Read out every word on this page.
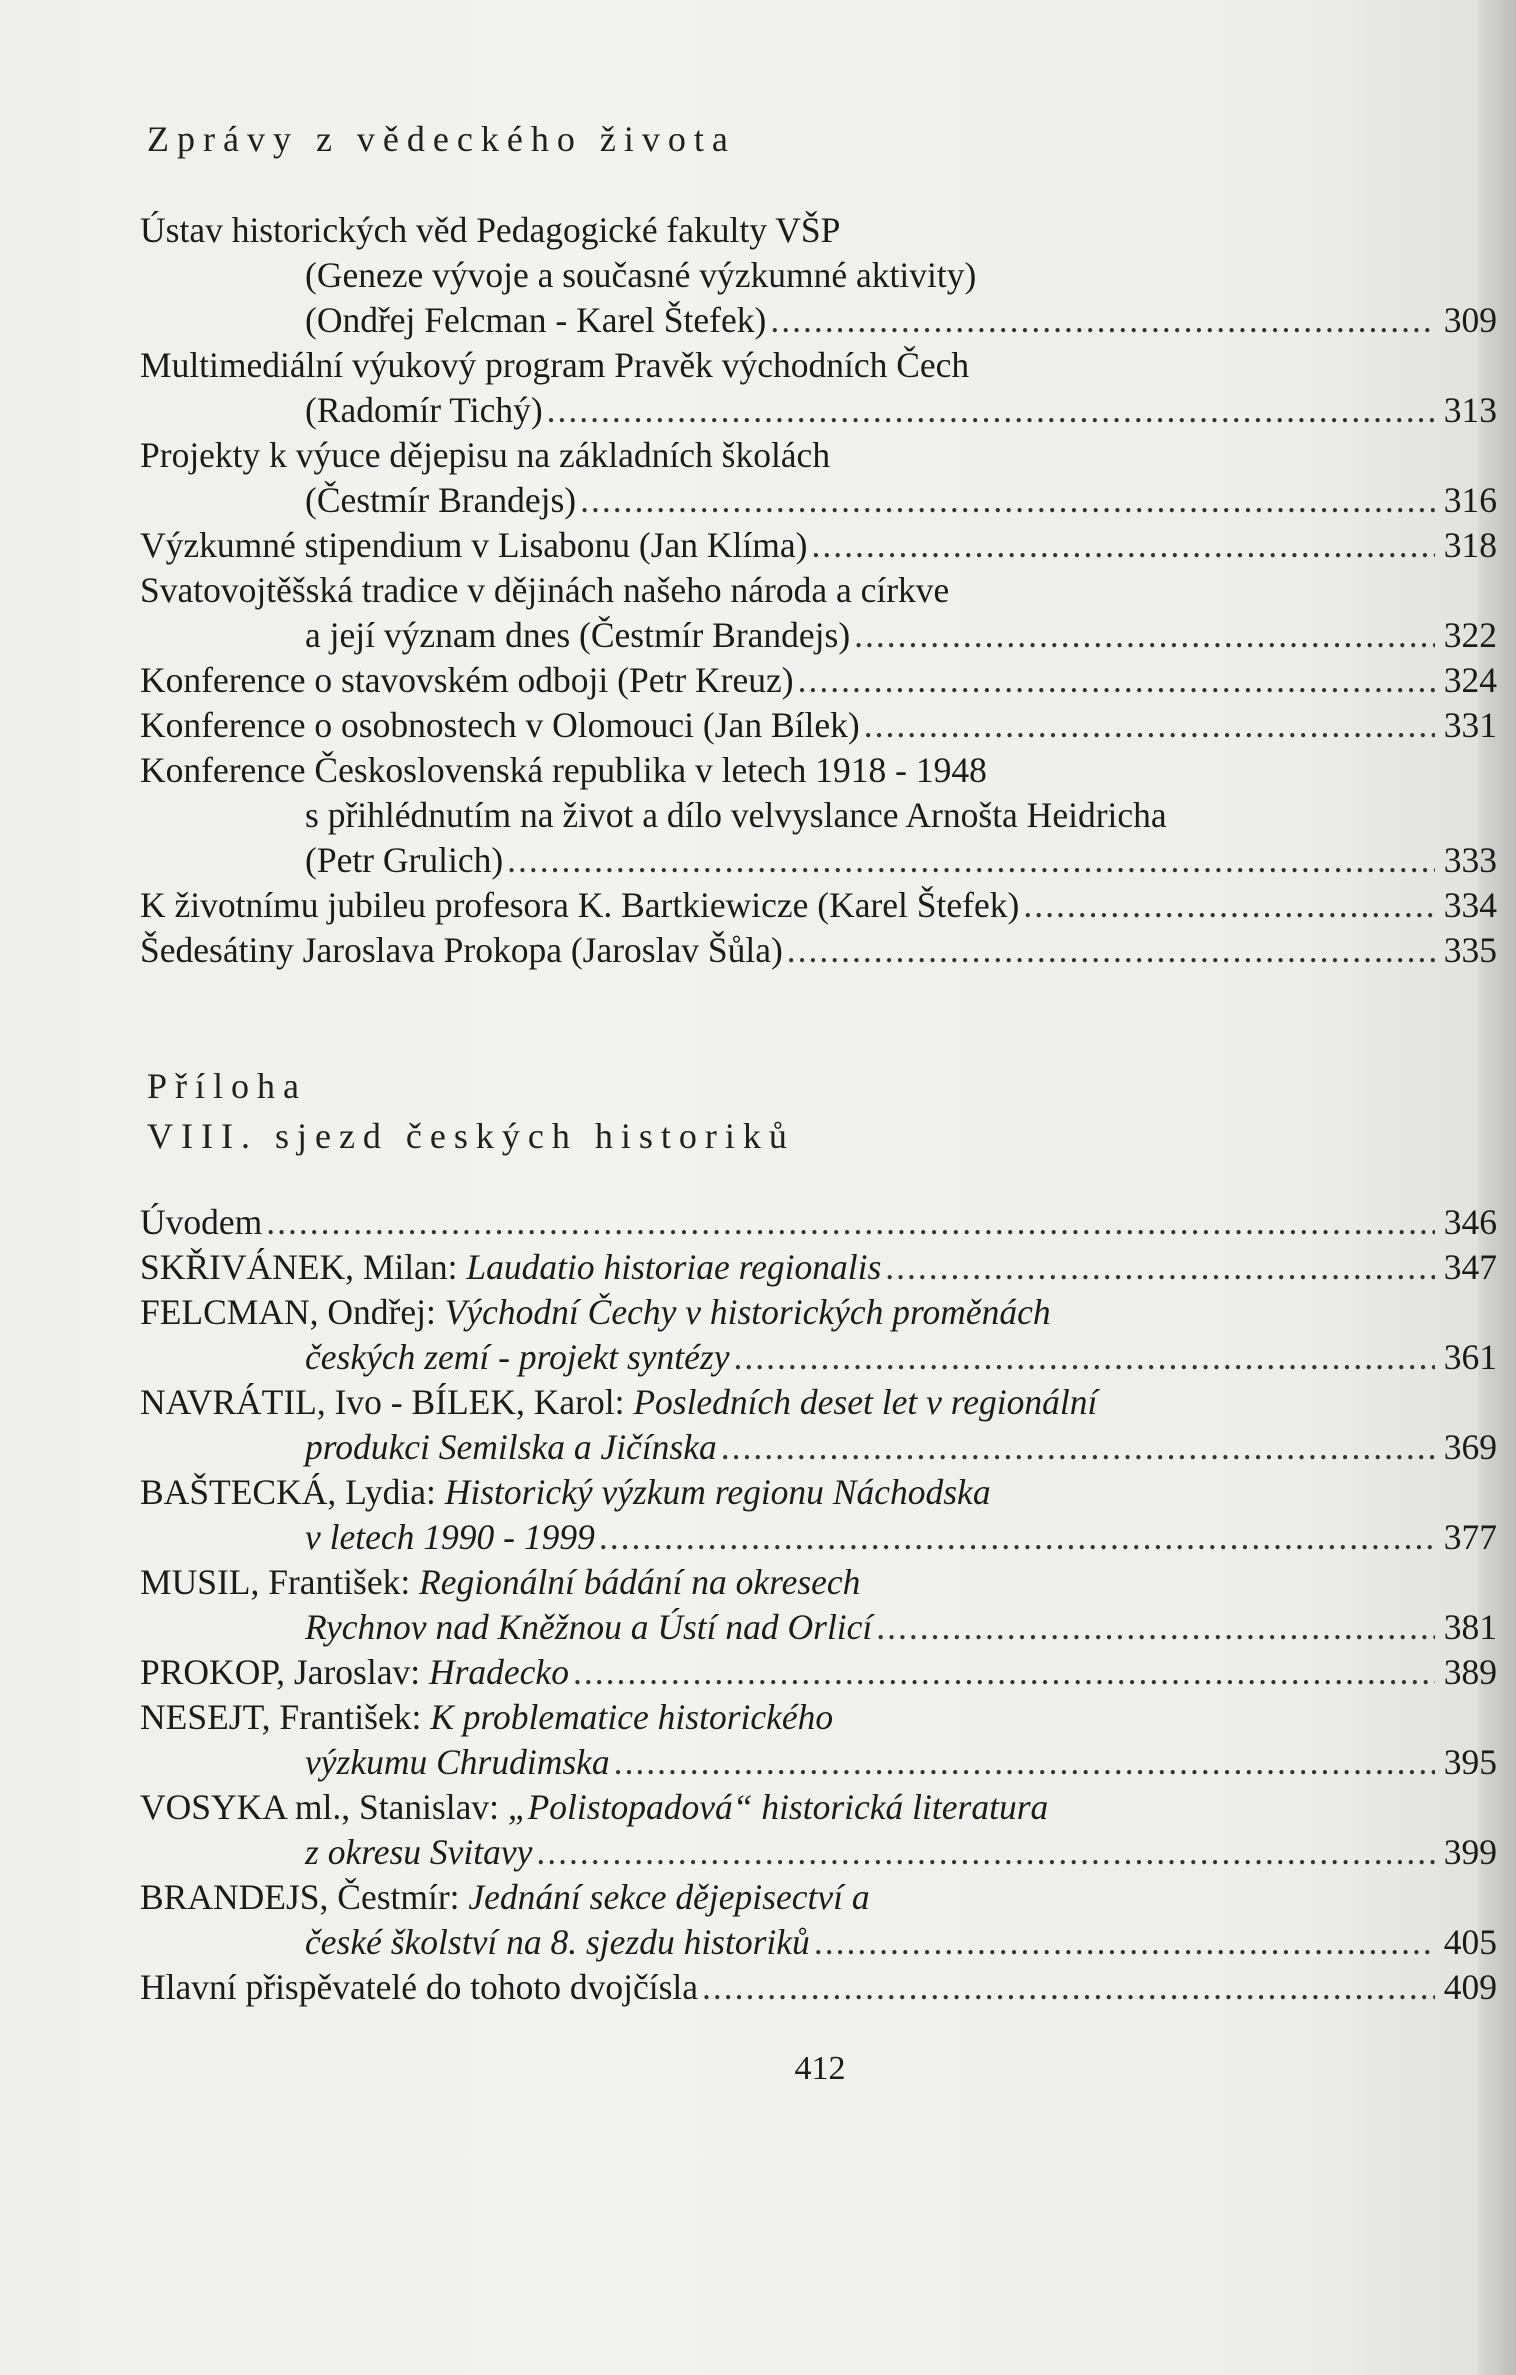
Zprávy z vědeckého života
Ústav historických věd Pedagogické fakulty VŠP
(Geneze vývoje a současné výzkumné aktivity)
(Ondřej Felcman - Karel Štefek) .....	309
Multimediální výukový program Pravěk východních Čech
(Radomír Tichý) .....	313
Projekty k výuce dějepisu na základních školách
(Čestmír Brandejs) .....	316
Výzkumné stipendium v Lisabonu (Jan Klíma) .....	318
Svatovojtěšská tradice v dějinách našeho národa a církve
a její význam dnes (Čestmír Brandejs) .....	322
Konference o stavovském odboji (Petr Kreuz) .....	324
Konference o osobnostech v Olomouci (Jan Bílek) .....	331
Konference Československá republika v letech 1918 - 1948
s přihlédnutím na život a dílo velvyslance Arnošta Heidricha
(Petr Grulich) .....	333
K životnímu jubileu profesora K. Bartkiewicze (Karel Štefek) .....	334
Šedesátiny Jaroslava Prokopa (Jaroslav Šůla) .....	335
Příloha
VIII. sjezd českých historiků
Úvodem .....	346
SKŘIVÁNEK, Milan: Laudatio historiae regionalis .....	347
FELCMAN, Ondřej: Východní Čechy v historických proměnách
českých zemí - projekt syntézy .....	361
NAVRÁTIL, Ivo - BÍLEK, Karol: Posledních deset let v regionální
produkci Semilska a Jičínska .....	369
BAŠTECKÁ, Lydia: Historický výzkum regionu Náchodska
v letech 1990 - 1999 .....	377
MUSIL, František: Regionální bádání na okresech
Rychnov nad Kněžnou a Ústí nad Orlicí .....	381
PROKOP, Jaroslav: Hradecko .....	389
NESEJT, František: K problematice historického
výzkumu Chrudimska .....	395
VOSYKA ml., Stanislav: „Polistopadová“ historická literatura
z okresu Svitavy .....	399
BRANDEJS, Čestmír: Jednání sekce dějepisectví a
české školství na 8. sjezdu historiků .....	405
Hlavní přispěvatelé do tohoto dvojčísla .....	409
412
